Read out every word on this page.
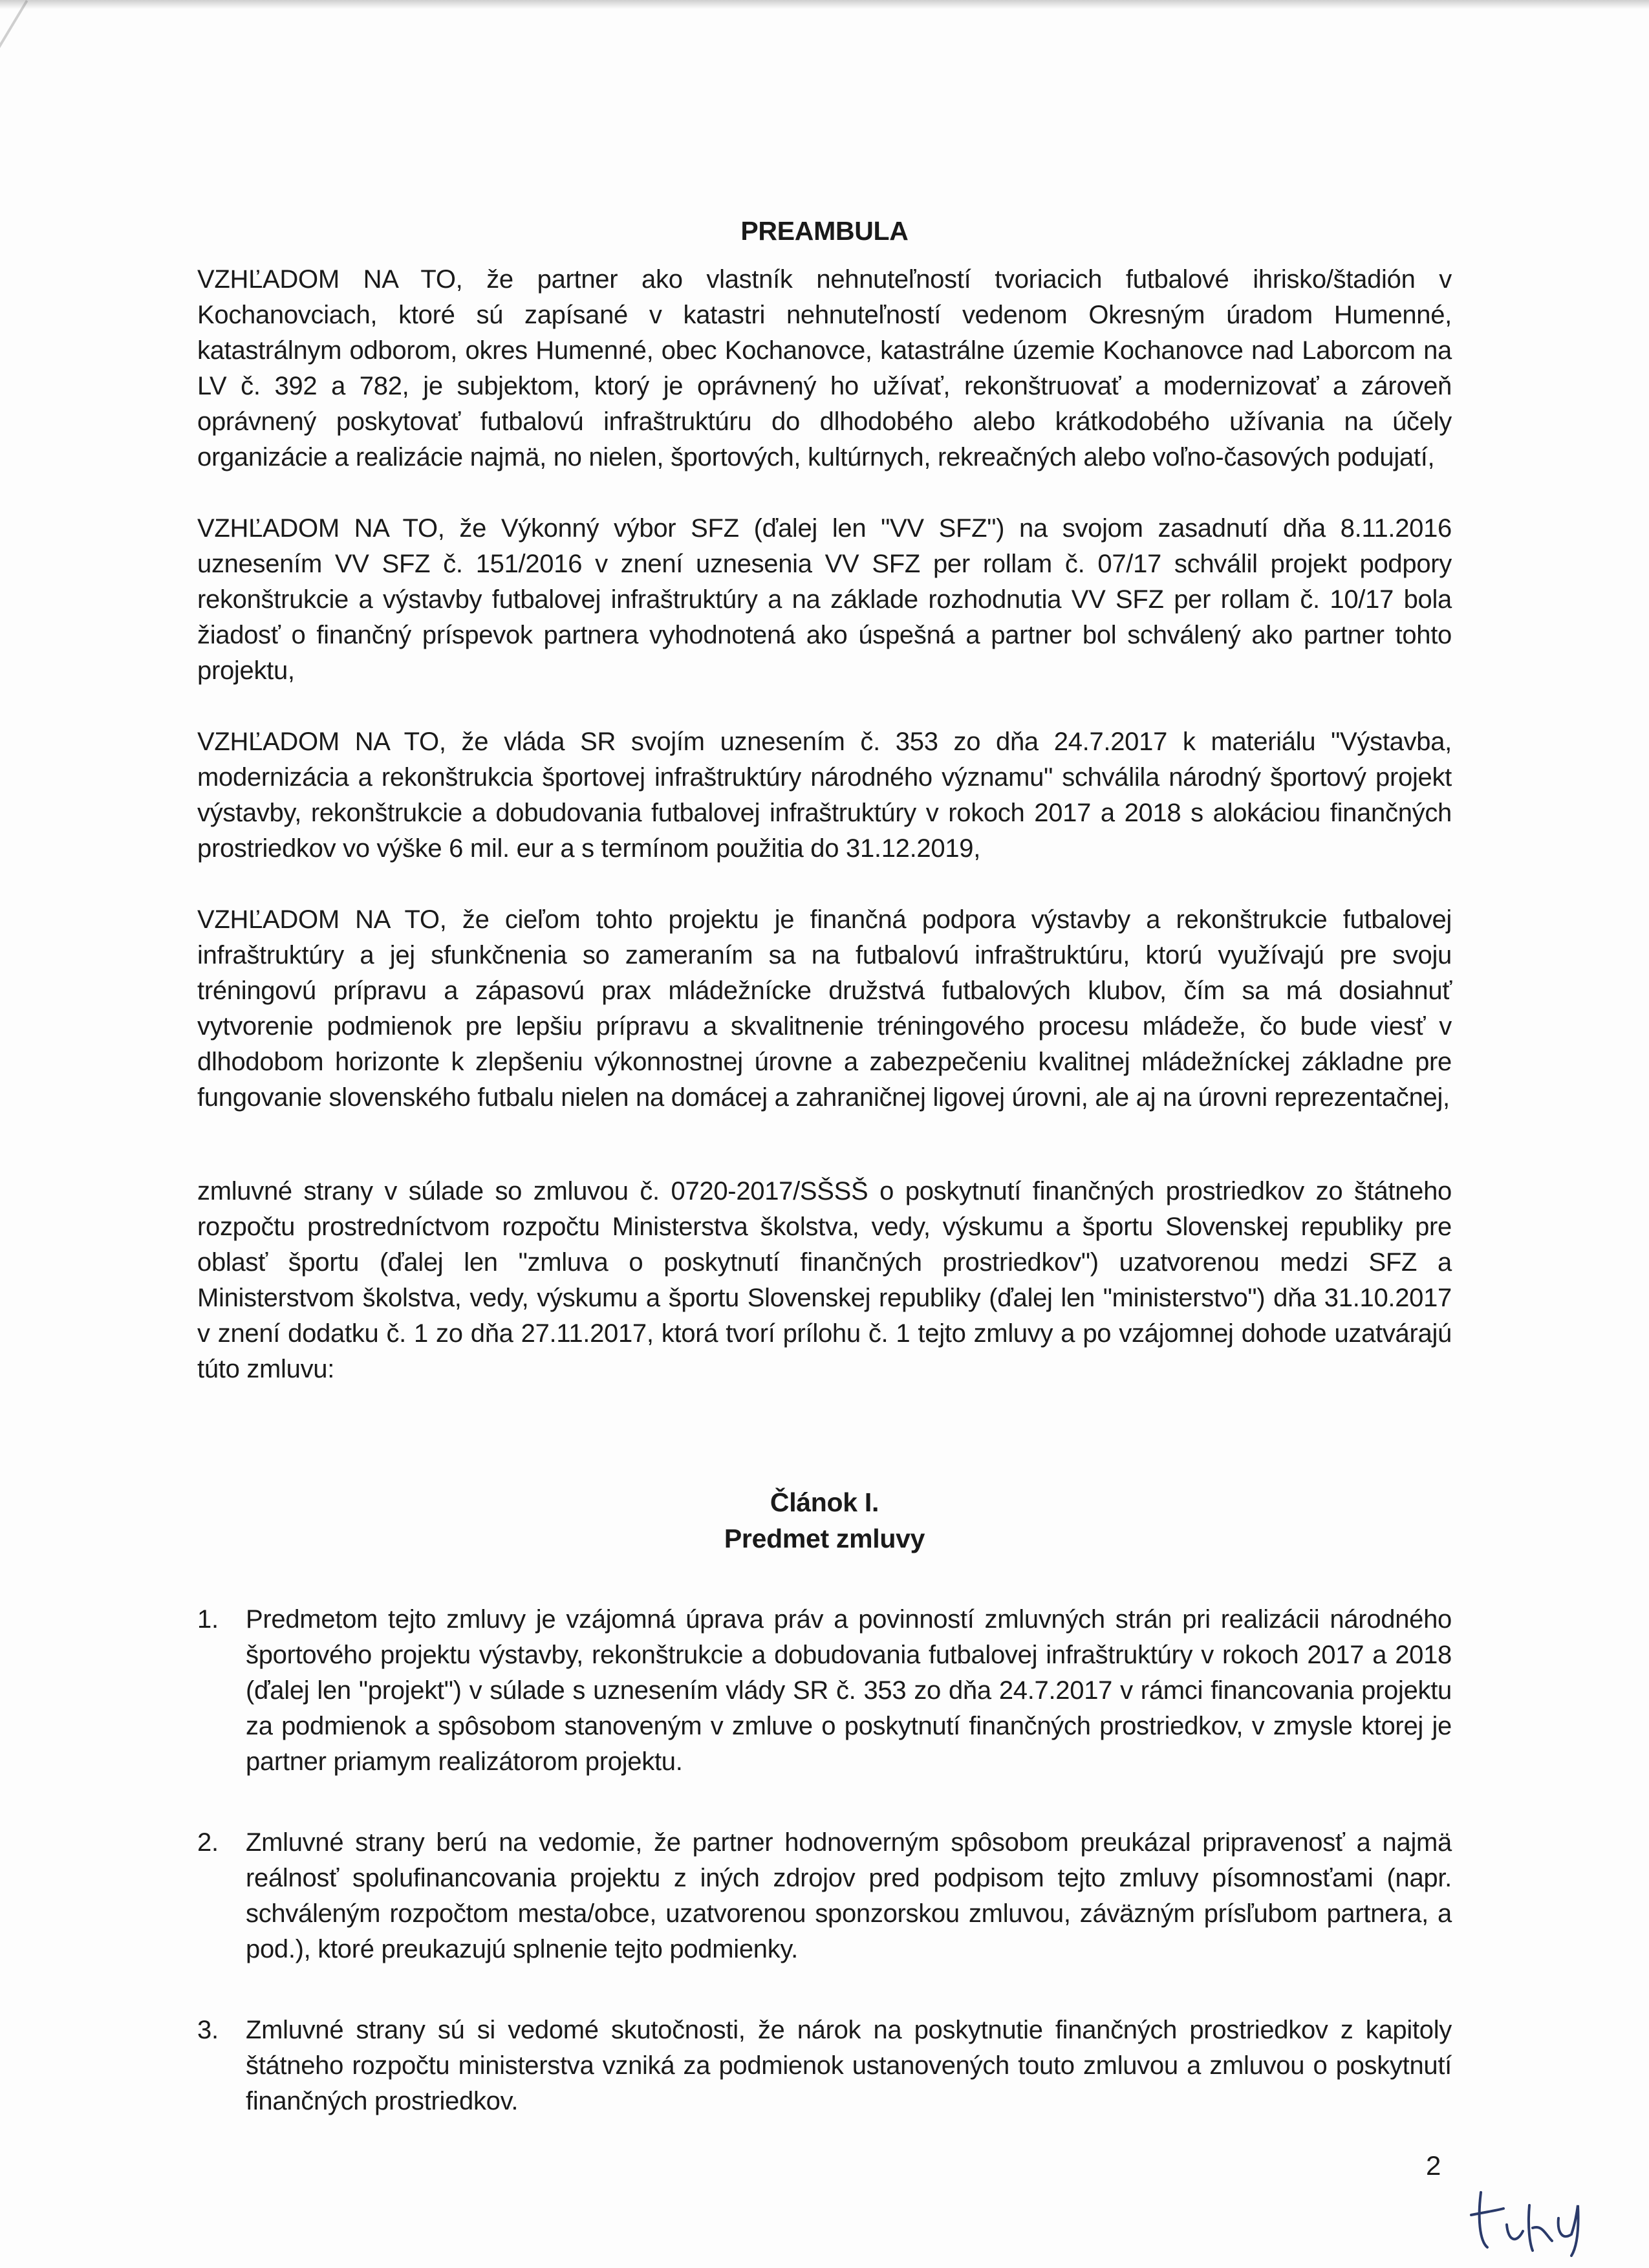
PREAMBULA

VZHĽADOM NA TO, že partner ako vlastník nehnuteľností tvoriacich futbalové ihrisko/štadión v Kochanovciach, ktoré sú zapísané v katastri nehnuteľností vedenom Okresným úradom Humenné, katastrálnym odborom, okres Humenné, obec Kochanovce, katastrálne územie Kochanovce nad Laborcom na LV č. 392 a 782, je subjektom, ktorý je oprávnený ho užívať, rekonštruovať a modernizovať a zároveň oprávnený poskytovať futbalovú infraštruktúru do dlhodobého alebo krátkodobého užívania na účely organizácie a realizácie najmä, no nielen, športových, kultúrnych, rekreačných alebo voľno-časových podujatí,

VZHĽADOM NA TO, že Výkonný výbor SFZ (ďalej len "VV SFZ") na svojom zasadnutí dňa 8.11.2016 uznesením VV SFZ č. 151/2016 v znení uznesenia VV SFZ per rollam č. 07/17 schválil projekt podpory rekonštrukcie a výstavby futbalovej infraštruktúry a na základe rozhodnutia VV SFZ per rollam č. 10/17 bola žiadosť o finančný príspevok partnera vyhodnotená ako úspešná a partner bol schválený ako partner tohto projektu,

VZHĽADOM NA TO, že vláda SR svojím uznesením č. 353 zo dňa 24.7.2017 k materiálu "Výstavba, modernizácia a rekonštrukcia športovej infraštruktúry národného významu" schválila národný športový projekt výstavby, rekonštrukcie a dobudovania futbalovej infraštruktúry v rokoch 2017 a 2018 s alokáciou finančných prostriedkov vo výške 6 mil. eur a s termínom použitia do 31.12.2019,

VZHĽADOM NA TO, že cieľom tohto projektu je finančná podpora výstavby a rekonštrukcie futbalovej infraštruktúry a jej sfunkčnenia so zameraním sa na futbalovú infraštruktúru, ktorú využívajú pre svoju tréningovú prípravu a zápasovú prax mládežnícke družstvá futbalových klubov, čím sa má dosiahnuť vytvorenie podmienok pre lepšiu prípravu a skvalitnenie tréningového procesu mládeže, čo bude viesť v dlhodobom horizonte k zlepšeniu výkonnostnej úrovne a zabezpečeniu kvalitnej mládežníckej základne pre fungovanie slovenského futbalu nielen na domácej a zahraničnej ligovej úrovni, ale aj na úrovni reprezentačnej,

zmluvné strany v súlade so zmluvou č. 0720-2017/SŠSŠ o poskytnutí finančných prostriedkov zo štátneho rozpočtu prostredníctvom rozpočtu Ministerstva školstva, vedy, výskumu a športu Slovenskej republiky pre oblasť športu (ďalej len "zmluva o poskytnutí finančných prostriedkov") uzatvorenou medzi SFZ a Ministerstvom školstva, vedy, výskumu a športu Slovenskej republiky (ďalej len "ministerstvo") dňa 31.10.2017 v znení dodatku č. 1 zo dňa 27.11.2017, ktorá tvorí prílohu č. 1 tejto zmluvy a po vzájomnej dohode uzatvárajú túto zmluvu:

Článok I.
Predmet zmluvy
1.	Predmetom tejto zmluvy je vzájomná úprava práv a povinností zmluvných strán pri realizácii národného športového projektu výstavby, rekonštrukcie a dobudovania futbalovej infraštruktúry v rokoch 2017 a 2018 (ďalej len "projekt") v súlade s uznesením vlády SR č. 353 zo dňa 24.7.2017 v rámci financovania projektu za podmienok a spôsobom stanoveným v zmluve o poskytnutí finančných prostriedkov, v zmysle ktorej je partner priamym realizátorom projektu.
2.	Zmluvné strany berú na vedomie, že partner hodnoverným spôsobom preukázal pripravenosť a najmä reálnosť spolufinancovania projektu z iných zdrojov pred podpisom tejto zmluvy písomnosťami (napr. schváleným rozpočtom mesta/obce, uzatvorenou sponzorskou zmluvou, záväzným prísľubom partnera, a pod.), ktoré preukazujú splnenie tejto podmienky.
3.	Zmluvné strany sú si vedomé skutočnosti, že nárok na poskytnutie finančných prostriedkov z kapitoly štátneho rozpočtu ministerstva vzniká za podmienok ustanovených touto zmluvou a zmluvou o poskytnutí finančných prostriedkov.
2
